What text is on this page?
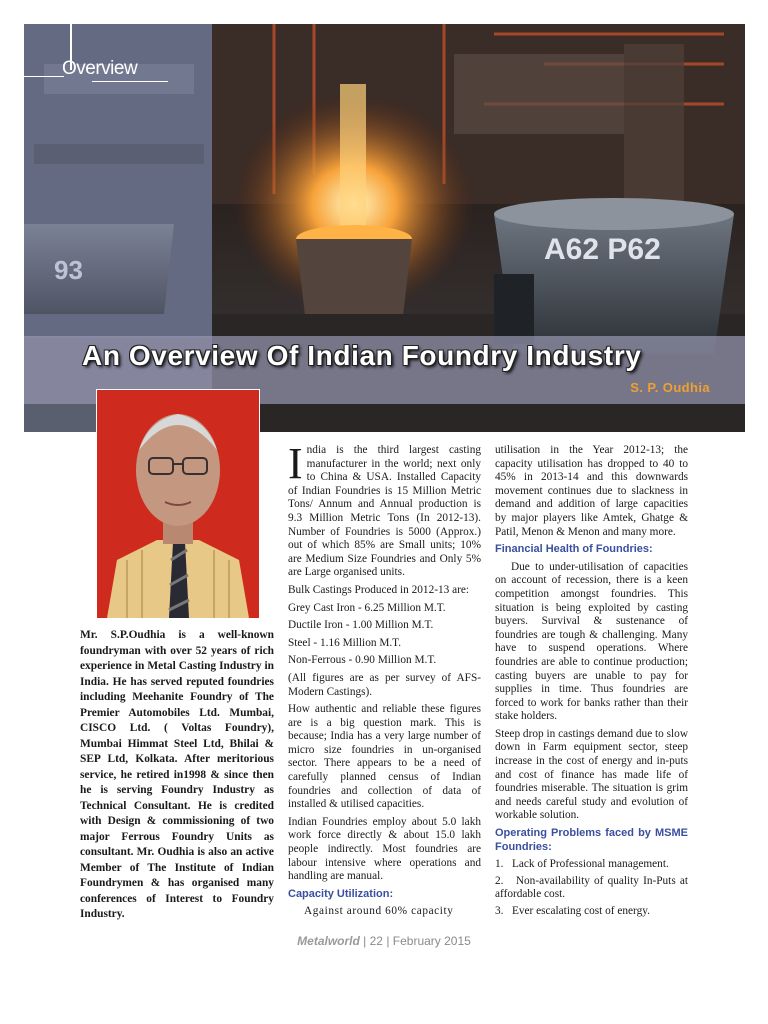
A62 P62
93
Overview
An Overview Of Indian Foundry Industry
S. P. Oudhia
Mr. S.P.Oudhia is a well-known foundryman with over 52 years of rich experience in Metal Casting Industry in India. He has served reputed foundries including Meehanite Foundry of The Premier Automobiles Ltd. Mumbai, CISCO Ltd. ( Voltas Foundry), Mumbai Himmat Steel Ltd, Bhilai & SEP Ltd, Kolkata. After meritorious service, he retired in1998 & since then he is serving Foundry Industry as Technical Consultant. He is credited with Design & commissioning of two major Ferrous Foundry Units as consultant. Mr. Oudhia is also an active Member of The Institute of Indian Foundrymen & has organised many conferences of Interest to Foundry Industry.

India is the third largest casting manufacturer in the world; next only to China & USA. Installed Capacity of Indian Foundries is 15 Million Metric Tons/ Annum and Annual production is 9.3 Million Metric Tons (In 2012-13). Number of Foundries is 5000 (Approx.) out of which 85% are Small units; 10% are Medium Size Foundries and Only 5% are Large organised units.

Bulk Castings Produced in 2012-13 are:

Grey Cast Iron - 6.25 Million M.T.

Ductile Iron - 1.00 Million M.T.

Steel - 1.16 Million M.T.

Non-Ferrous - 0.90 Million M.T.

(All figures are as per survey of AFS-Modern Castings).

How authentic and reliable these figures are is a big question mark. This is because; India has a very large number of micro size foundries in un-organised sector. There appears to be a need of carefully planned census of Indian foundries and collection of data of installed & utilised capacities.

Indian Foundries employ about 5.0 lakh work force directly & about 15.0 lakh people indirectly. Most foundries are labour intensive where operations and handling are manual.

Capacity Utilization:

Against around 60% capacity

utilisation in the Year 2012-13; the capacity utilisation has dropped to 40 to 45% in 2013-14 and this downwards movement continues due to slackness in demand and addition of large capacities by major players like Amtek, Ghatge & Patil, Menon & Menon and many more.

Financial Health of Foundries:

Due to under-utilisation of capacities on account of recession, there is a keen competition amongst foundries. This situation is being exploited by casting buyers. Survival & sustenance of foundries are tough & challenging. Many have to suspend operations. Where foundries are able to continue production; casting buyers are unable to pay for supplies in time. Thus foundries are forced to work for banks rather than their stake holders.

Steep drop in castings demand due to slow down in Farm equipment sector, steep increase in the cost of energy and in-puts and cost of finance has made life of foundries miserable. The situation is grim and needs careful study and evolution of workable solution.

Operating Problems faced by MSME Foundries:

1.   Lack of Professional management.

2.   Non-availability of quality In-Puts at affordable cost.

3.   Ever escalating cost of energy.

Metalworld | 22 | February 2015
